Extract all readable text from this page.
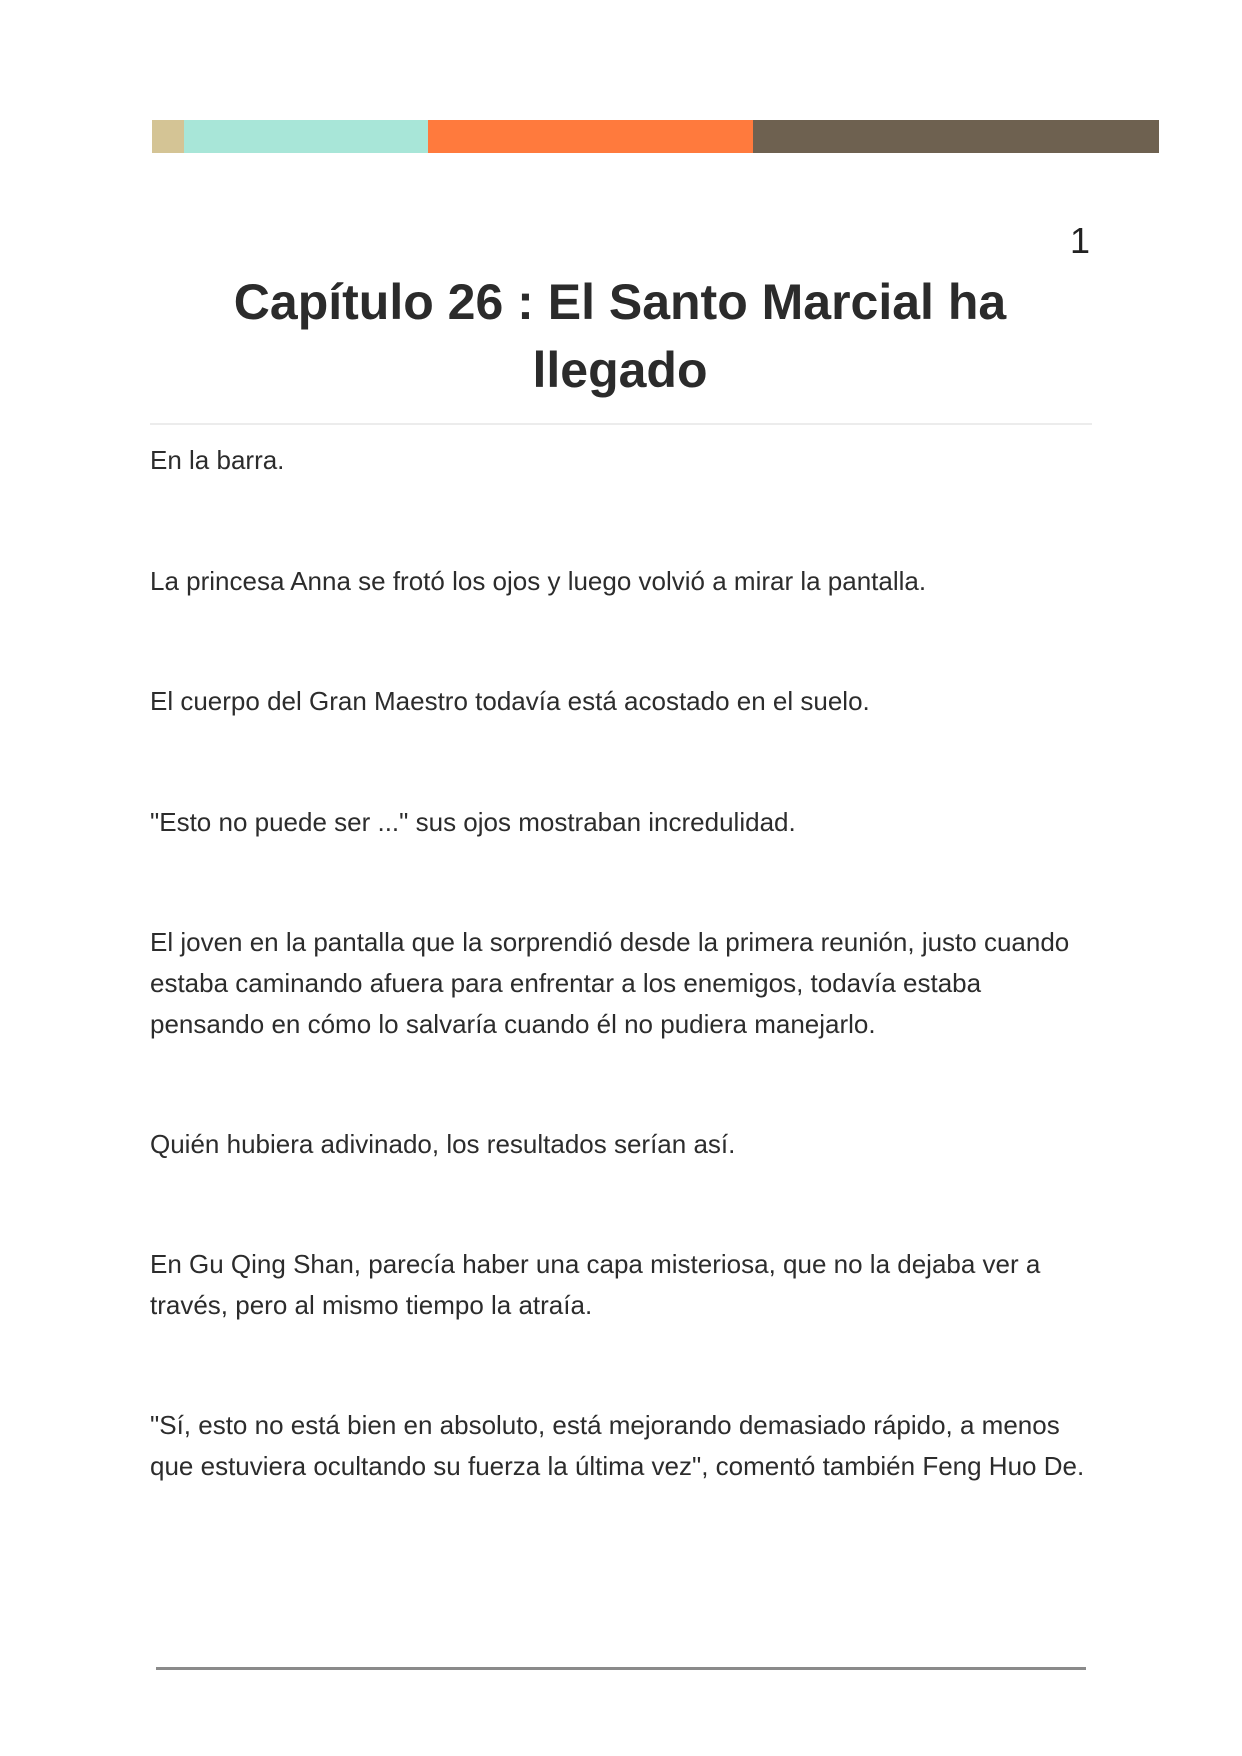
1
Capítulo 26 : El Santo Marcial ha llegado

En la barra.

La princesa Anna se frotó los ojos y luego volvió a mirar la pantalla.

El cuerpo del Gran Maestro todavía está acostado en el suelo.

"Esto no puede ser ..." sus ojos mostraban incredulidad.

El joven en la pantalla que la sorprendió desde la primera reunión, justo cuando estaba caminando afuera para enfrentar a los enemigos, todavía estaba pensando en cómo lo salvaría cuando él no pudiera manejarlo.

Quién hubiera adivinado, los resultados serían así.

En Gu Qing Shan, parecía haber una capa misteriosa, que no la dejaba ver a través, pero al mismo tiempo la atraía.

"Sí, esto no está bien en absoluto, está mejorando demasiado rápido, a menos que estuviera ocultando su fuerza la última vez", comentó también Feng Huo De.
